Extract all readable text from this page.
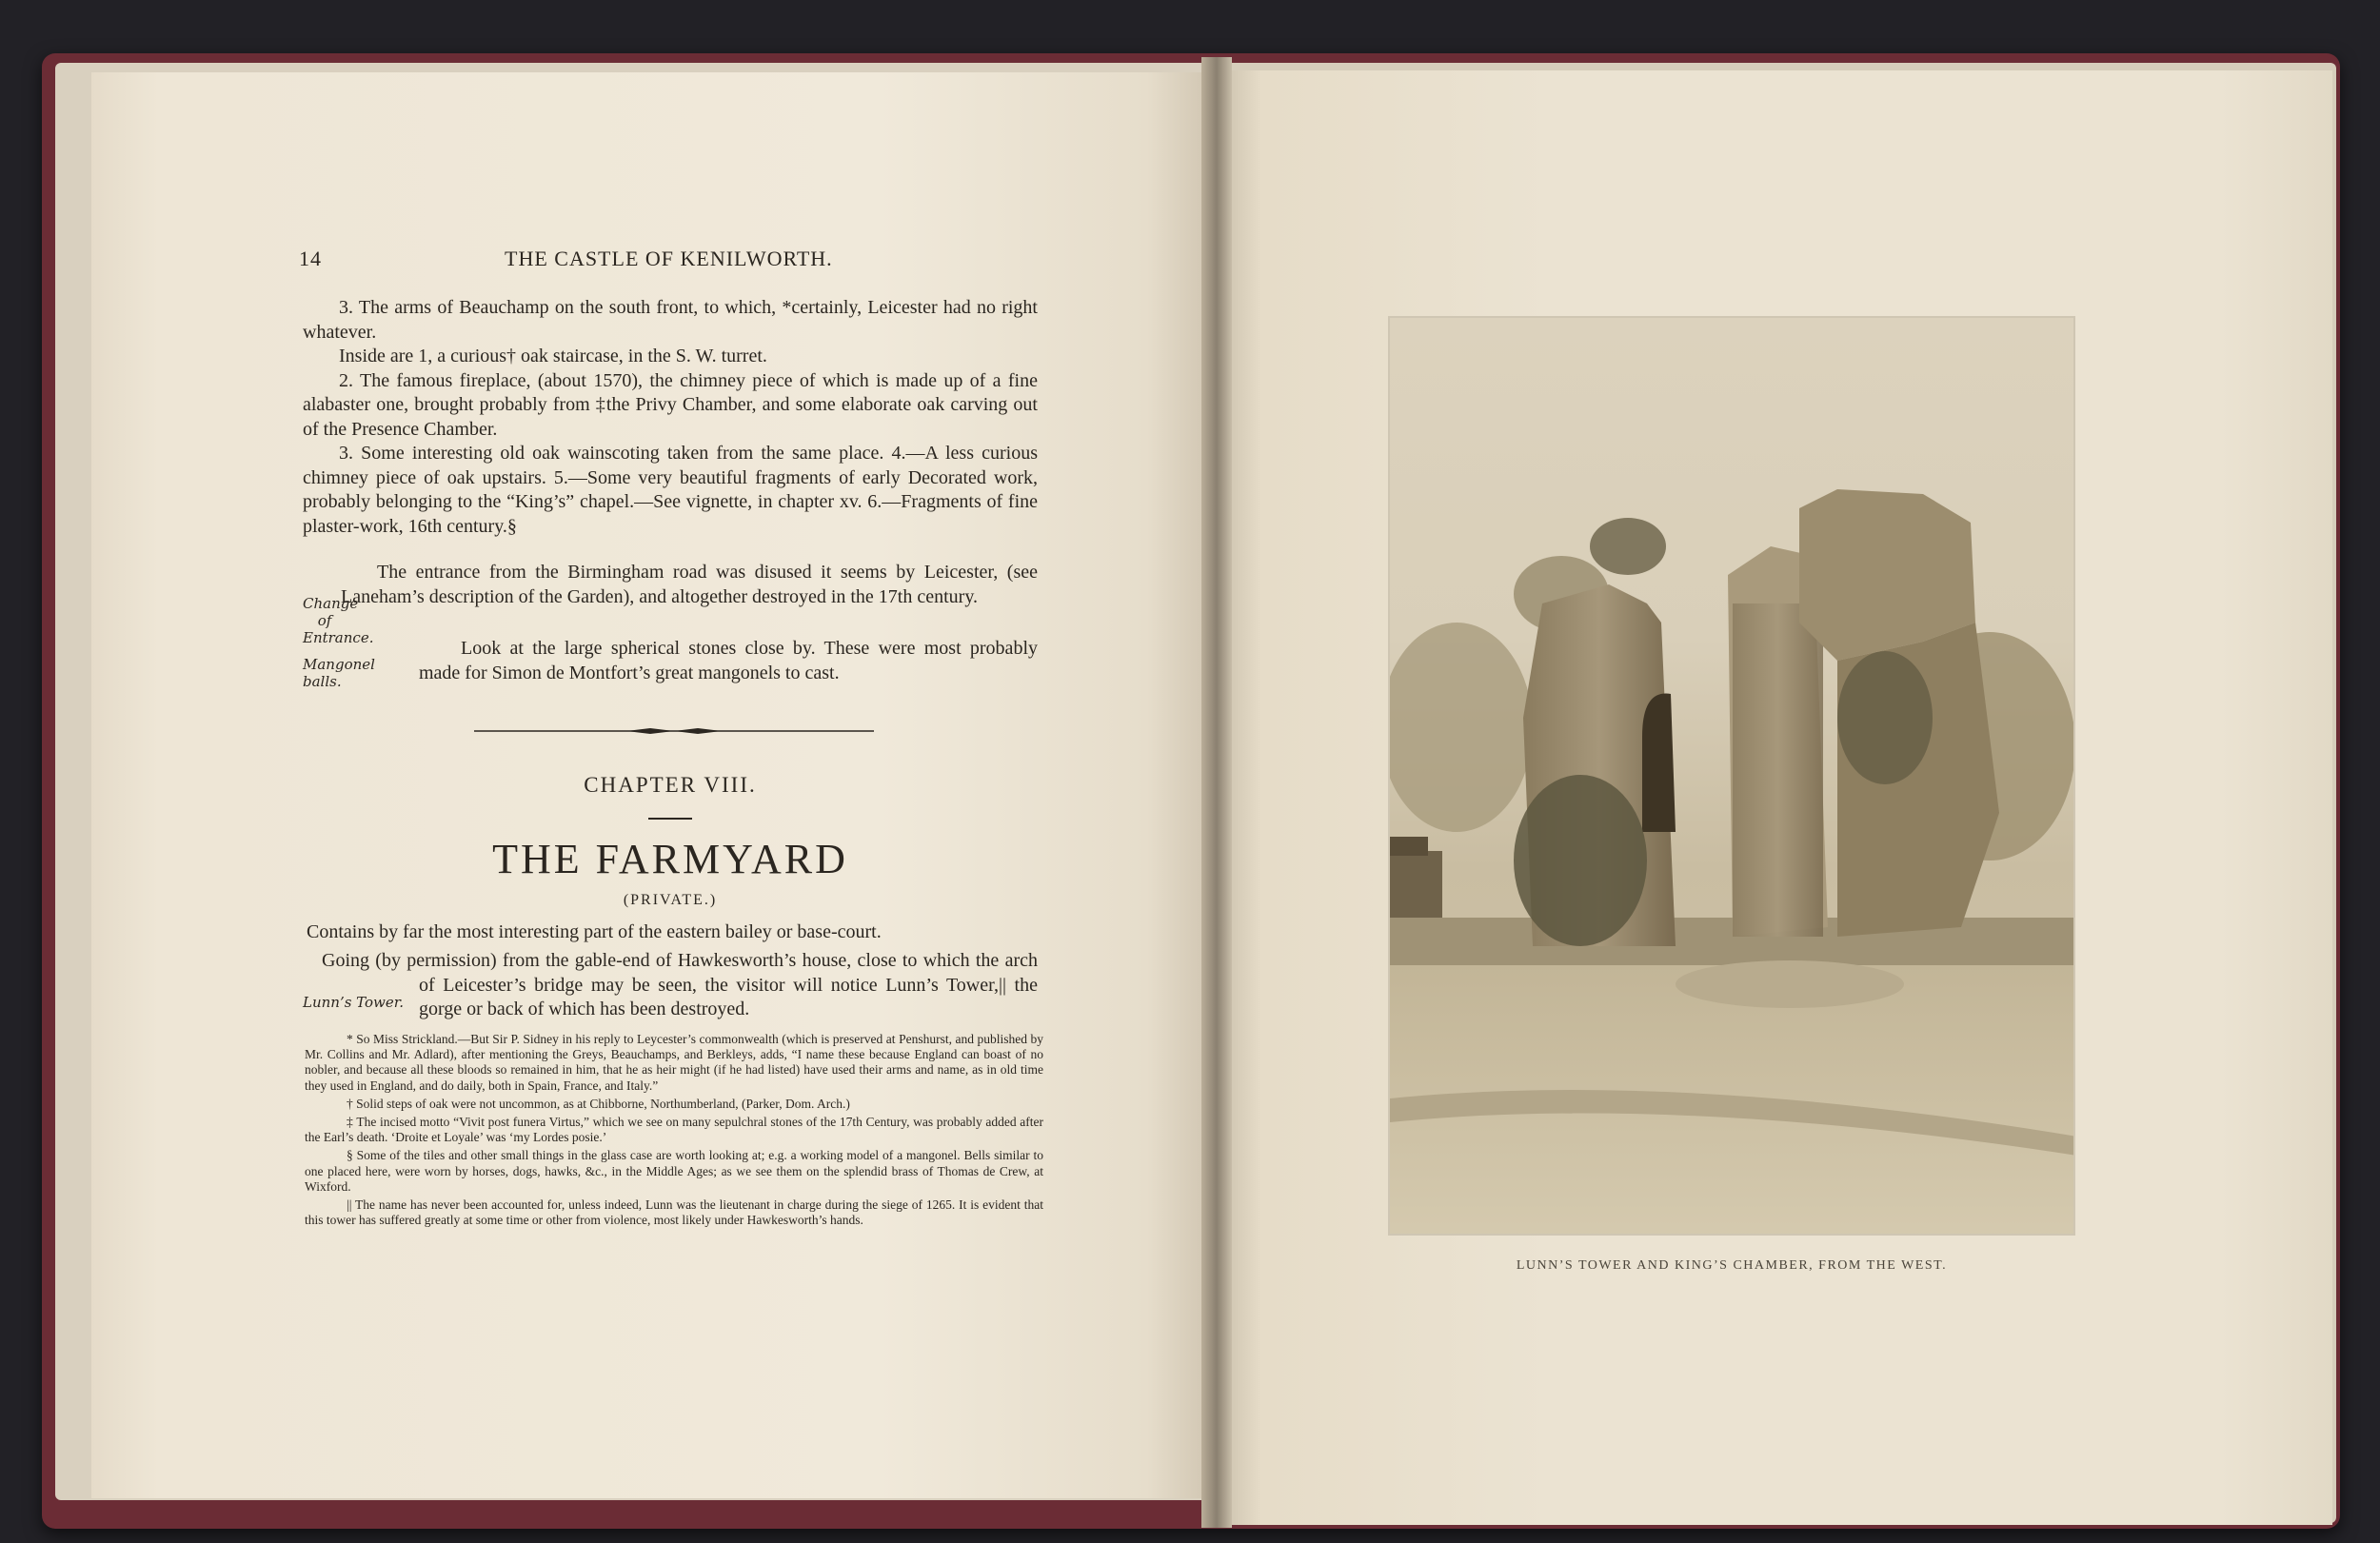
14	THE CASTLE OF KENILWORTH.

3. The arms of Beauchamp on the south front, to which, *certainly, Leicester had no right whatever.

Inside are 1, a curious† oak staircase, in the S. W. turret.

2. The famous fireplace, (about 1570), the chimney piece of which is made up of a fine alabaster one, brought probably from ‡the Privy Chamber, and some elaborate oak carving out of the Presence Chamber.

3. Some interesting old oak wainscoting taken from the same place. 4.—A less curious chimney piece of oak upstairs. 5.—Some very beautiful fragments of early Decorated work, probably belonging to the “King’s” chapel.—See vignette, in chapter xv. 6.—Fragments of fine plaster-work, 16th century.§

The entrance from the Birmingham road was disused it seems by Leicester, (see Laneham’s description of the Garden), and altogether destroyed in the 17th century.

Change of Entrance.	Look at the large spherical stones close by. These were most probably made for Simon de Montfort’s great mangonels to cast.

Mangonel balls.
CHAPTER VIII.
THE FARMYARD
(PRIVATE.)

Contains by far the most interesting part of the eastern bailey or base-court.

Going (by permission) from the gable-end of Hawkesworth’s house, close to which the arch of Leicester’s bridge may be seen, the visitor will notice Lunn’s Tower,|| the gorge or back of which has been destroyed.

Lunn’s Tower.

* So Miss Strickland.—But Sir P. Sidney in his reply to Leycester’s commonwealth (which is preserved at Penshurst, and published by Mr. Collins and Mr. Adlard), after mentioning the Greys, Beauchamps, and Berkleys, adds, “I name these because England can boast of no nobler, and because all these bloods so remained in him, that he as heir might (if he had listed) have used their arms and name, as in old time they used in England, and do daily, both in Spain, France, and Italy.”

† Solid steps of oak were not uncommon, as at Chibborne, Northumberland, (Parker, Dom. Arch.)

‡ The incised motto “Vivit post funera Virtus,” which we see on many sepulchral stones of the 17th Century, was probably added after the Earl’s death. ‘Droite et Loyale’ was ‘my Lordes posie.’

§ Some of the tiles and other small things in the glass case are worth looking at; e.g. a working model of a mangonel. Bells similar to one placed here, were worn by horses, dogs, hawks, &c., in the Middle Ages; as we see them on the splendid brass of Thomas de Crew, at Wixford.

|| The name has never been accounted for, unless indeed, Lunn was the lieutenant in charge during the siege of 1265. It is evident that this tower has suffered greatly at some time or other from violence, most likely under Hawkesworth’s hands.

LUNN’S TOWER AND KING’S CHAMBER, FROM THE WEST.
